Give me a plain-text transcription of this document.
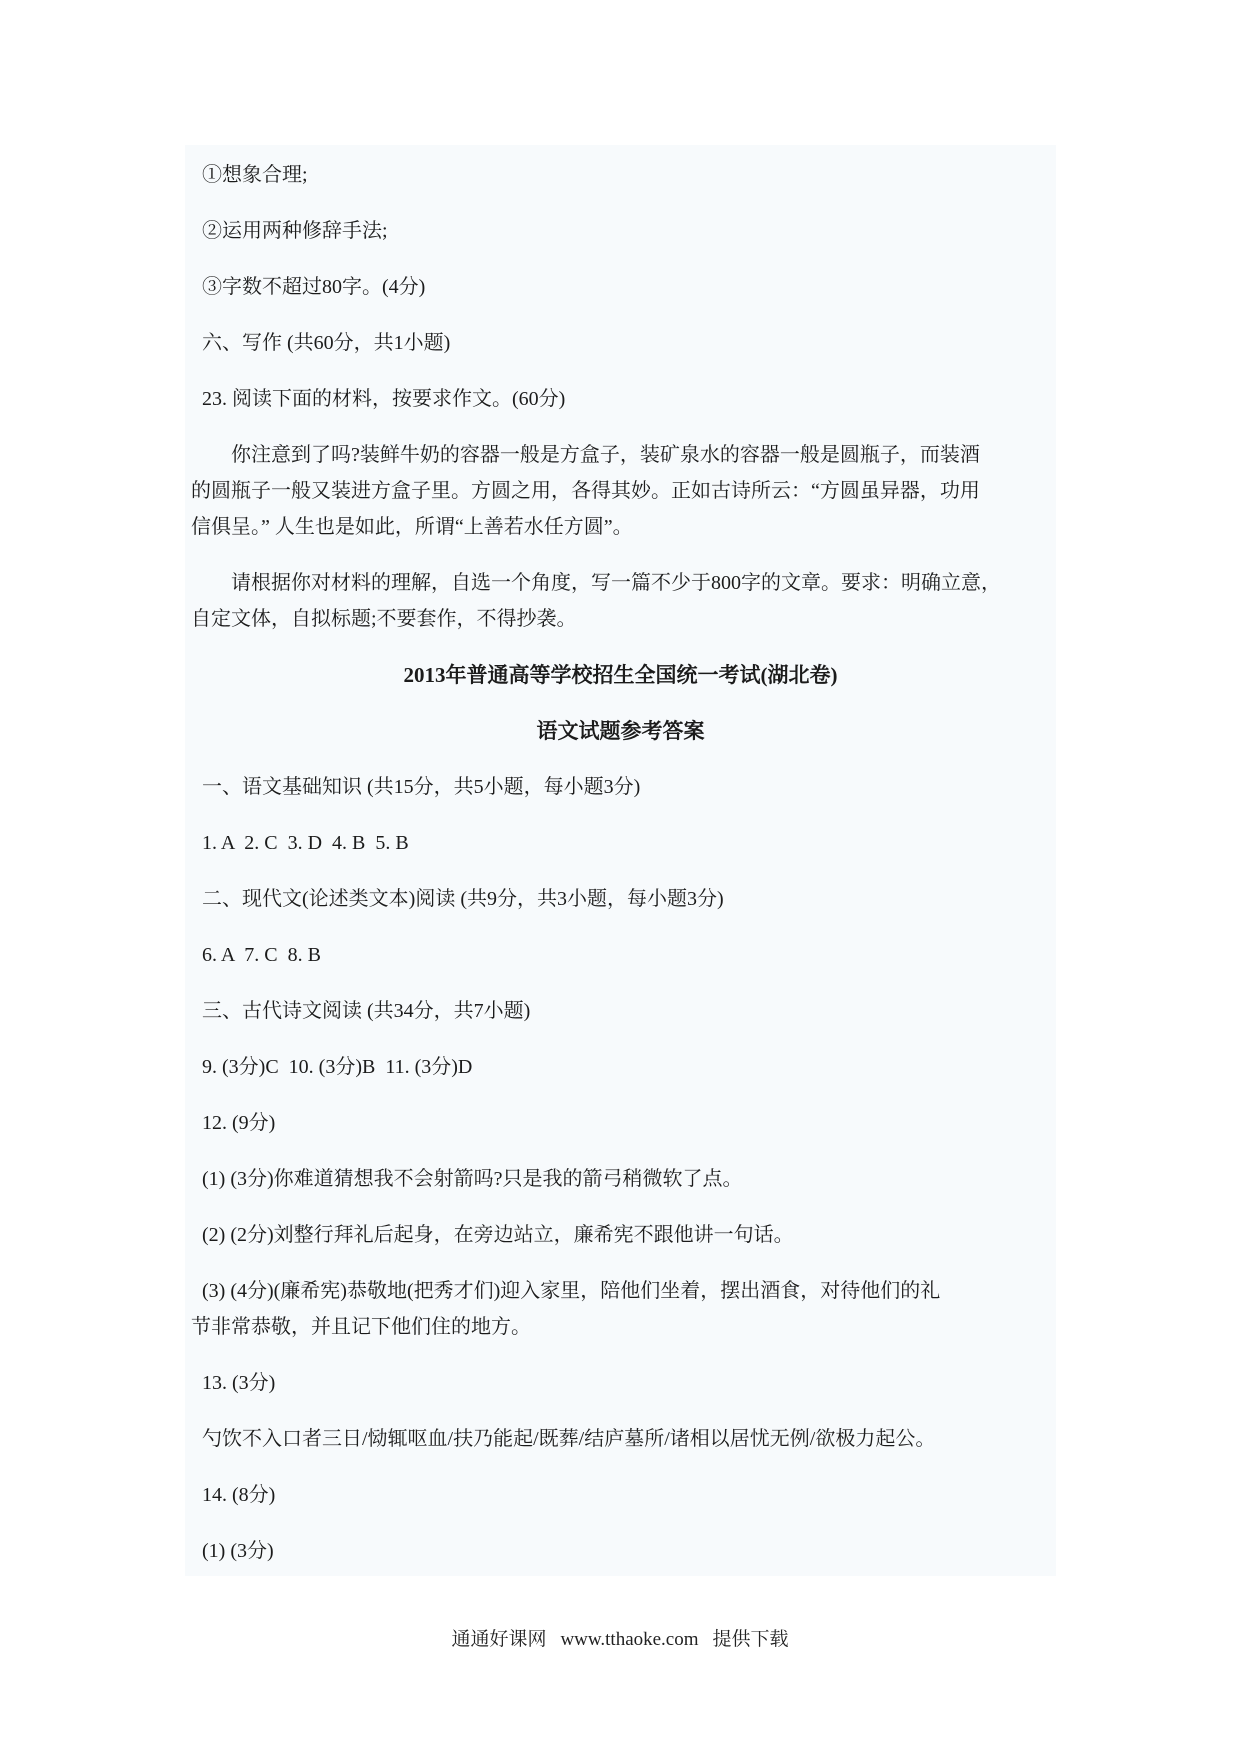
①想象合理;

②运用两种修辞手法;

③字数不超过80字。(4分)

六、写作 (共60分，共1小题)

23. 阅读下面的材料，按要求作文。(60分)

你注意到了吗?装鲜牛奶的容器一般是方盒子，装矿泉水的容器一般是圆瓶子，而装酒

的圆瓶子一般又装进方盒子里。方圆之用，各得其妙。正如古诗所云：“方圆虽异器，功用

信俱呈。” 人生也是如此，所谓“上善若水任方圆”。

请根据你对材料的理解，自选一个角度，写一篇不少于800字的文章。要求：明确立意，

自定文体，自拟标题;不要套作，不得抄袭。

2013年普通高等学校招生全国统一考试(湖北卷)

语文试题参考答案

一、语文基础知识 (共15分，共5小题，每小题3分)

1. A  2. C  3. D  4. B  5. B

二、现代文(论述类文本)阅读 (共9分，共3小题，每小题3分)

6. A  7. C  8. B

三、古代诗文阅读 (共34分，共7小题)

9. (3分)C  10. (3分)B  11. (3分)D

12. (9分)

(1) (3分)你难道猜想我不会射箭吗?只是我的箭弓稍微软了点。

(2) (2分)刘整行拜礼后起身，在旁边站立，廉希宪不跟他讲一句话。

(3) (4分)(廉希宪)恭敬地(把秀才们)迎入家里，陪他们坐着，摆出酒食，对待他们的礼

节非常恭敬，并且记下他们住的地方。

13. (3分)

勺饮不入口者三日/恸辄呕血/扶乃能起/既葬/结庐墓所/诸相以居忧无例/欲极力起公。

14. (8分)

(1) (3分)

通通好课网 www.tthaoke.com 提供下载
